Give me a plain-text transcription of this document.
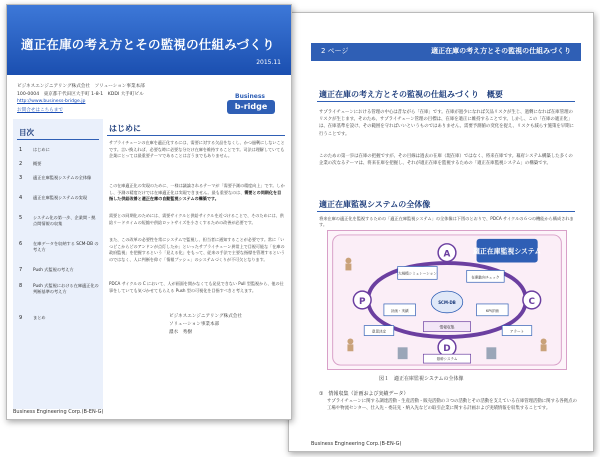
2 ページ	適正在庫の考え方とその監視の仕組みづくり
適正在庫の考え方とその監視の仕組みづくり　概要
サプライチェーンにおける管理の中心は昔ながら「在庫」です。在庫が過少になれば欠品リスクが生じ、過剰になれば在庫管理のリスクが生じます。そのため、サプライチェーン管理の目標は、在庫を適正に維持することです。しかし、この「在庫の適正化」は、在庫基準を設け、その範囲を守ればいいというものではありません。需要予測値の変化を捉え、リスクも減らす施策を早期に行うことです。
このための第一歩は在庫の把握ですが、その目線は過去の在庫（現在庫）ではなく、将来在庫です。幕府システム構築した多くの企業の次なるテーマは、将来在庫を把握し、それが適正在庫を監視するための「適正在庫監視システム」の構築です。
適正在庫監視システムの全体像
将来在庫の適正化を監視するための「適正在庫監視システム」の全体像は下図のとおりで、PDCA サイクルの６つの機能から構成されます。
適正在庫監視システム
A
C
P
D
大規模シミュレーション
在庫動向チェック
KPI評価
計画・実績
SCM-DB
情報収集
基幹システム
アラート
意思決定
図１　適正在庫監視システムの全体像
①　情報収集（計画および実績データ）
サプライチェーンに関する調達活動・生産活動・販売活動の３つの活動とその活動を支えている在庫管理活動に関する各拠点の工場や物流センター、仕入先・委託先・納入先などの取引企業に関する計画および実績情報を収集することです。
Business Engineering Corp.(B-EN-G)
適正在庫の考え方とその監視の仕組みづくり
2015.11
ビジネスエンジニアリング株式会社　ソリューション事業本部
100-0004　東京都千代田区大手町 1-8-1　KDDI 大手町ビル
http://www.business-bridge.jp
お問合せはこちらまで
Business
b-ridge
目次
1	はじめに
2	概要
3	適正在庫監視システムの全体像
4	適正在庫監視システムの実現
5	システム化の第一歩、企業間・拠点間情報の収集
6	在庫データを収納する SCM-DB の考え方
7	Push 式監視の考え方
8	Push 式監視における在庫適正化の判断基準の考え方
9	まとめ
はじめに
サプライチェーンの在庫を適正化するには、需要に対する欠品をなくし、かつ過剰にしないことです。言い換えれば、必要な時に必要な分だけ在庫を維持することです。司法は理解していても企業にとっては最重要テーマであることは言うまでもありません。
この在庫適正化の実現のために、一様は議論されるテーマが「需要予測の精度向上」です。しかし、予測の精度だけでは在庫適正化は実現できません。最も重要なのは、需要との同期化を目指した供給改善と適正在庫の自動監視システムの構築です。
需要との同期化のためには、需要サイクルと供給サイクルを近づけることで、そのためには、供給リードタイムの短縮や供給ロットサイズを小さくするための改善が必要です。
また、この改革の必要性を常にシステムで監視し、担当者に通知することが必要です。常に「いつどこからどのアンドンが点灯したか」といったサプライチェーン異常上で目視可能な「在庫の政府監視」を把握するという「見える化」をもって、従来の手法で主要な指標を管理するというのではなく、人に判断を仰ぐ「情報プッシュ」のシステムづくりが不可欠となります。
PDCA サイクルの C において、人が画面を開かなくても発見できない Pull 型監視から、他の仕事をしていても気づかせてもらえる Push 型の可視化を目指すべきと考えます。
ビジネスエンジニアリング株式会社
ソリューション事業本部
濃水　秀樹
Business Engineering Corp.(B-EN-G)
